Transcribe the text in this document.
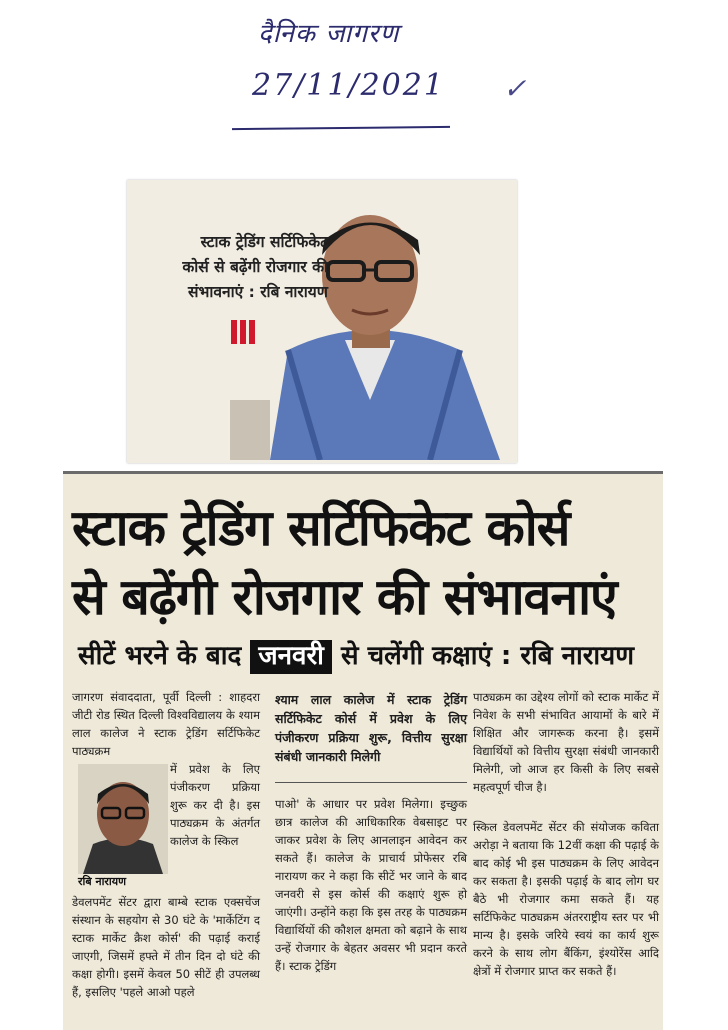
दैनिक जागरण
27/11/2021 ✓
स्टाक ट्रेडिंग सर्टिफिकेट
कोर्स से बढ़ेंगी रोजगार की
संभावनाएं : रबि नारायण
स्टाक ट्रेडिंग सर्टिफिकेट कोर्स
से बढ़ेंगी रोजगार की संभावनाएं
सीटें भरने के बाद जनवरी से चलेंगी कक्षाएं : रबि नारायण
जागरण संवाददाता, पूर्वी दिल्ली : शाहदरा जीटी रोड स्थित दिल्ली विश्वविद्यालय के श्याम लाल कालेज ने स्टाक ट्रेडिंग सर्टिफिकेट पाठ्यक्रम
में प्रवेश के लिए पंजीकरण प्रक्रिया शुरू कर दी है। इस पाठ्यक्रम के अंतर्गत कालेज के स्किल
रबि नारायण
डेवलपमेंट सेंटर द्वारा बाम्बे स्टाक एक्सचेंज संस्थान के सहयोग से 30 घंटे के 'मार्केटिंग द स्टाक मार्केट क्रैश कोर्स' की पढ़ाई कराई जाएगी, जिसमें हफ्ते में तीन दिन दो घंटे की कक्षा होगी। इसमें केवल 50 सीटें ही उपलब्ध हैं, इसलिए 'पहले आओ पहले
श्याम लाल कालेज में स्टाक ट्रेडिंग सर्टिफिकेट कोर्स में प्रवेश के लिए पंजीकरण प्रक्रिया शुरू, वित्तीय सुरक्षा संबंधी जानकारी मिलेगी
पाओ' के आधार पर प्रवेश मिलेगा। इच्छुक छात्र कालेज की आधिकारिक वेबसाइट पर जाकर प्रवेश के लिए आनलाइन आवेदन कर सकते हैं। कालेज के प्राचार्य प्रोफेसर रबि नारायण कर ने कहा कि सीटें भर जाने के बाद जनवरी से इस कोर्स की कक्षाएं शुरू हो जाएंगी। उन्होंने कहा कि इस तरह के पाठ्यक्रम विद्यार्थियों की कौशल क्षमता को बढ़ाने के साथ उन्हें रोजगार के बेहतर अवसर भी प्रदान करते हैं। स्टाक ट्रेडिंग
पाठ्यक्रम का उद्देश्य लोगों को स्टाक मार्केट में निवेश के सभी संभावित आयामों के बारे में शिक्षित और जागरूक करना है। इसमें विद्यार्थियों को वित्तीय सुरक्षा संबंधी जानकारी मिलेगी, जो आज हर किसी के लिए सबसे महत्वपूर्ण चीज है।
स्किल डेवलपमेंट सेंटर की संयोजक कविता अरोड़ा ने बताया कि 12वीं कक्षा की पढ़ाई के बाद कोई भी इस पाठ्यक्रम के लिए आवेदन कर सकता है। इसकी पढ़ाई के बाद लोग घर बैठे भी रोजगार कमा सकते हैं। यह सर्टिफिकेट पाठ्यक्रम अंतरराष्ट्रीय स्तर पर भी मान्य है। इसके जरिये स्वयं का कार्य शुरू करने के साथ लोग बैंकिंग, इंश्योरेंस आदि क्षेत्रों में रोजगार प्राप्त कर सकते हैं।
